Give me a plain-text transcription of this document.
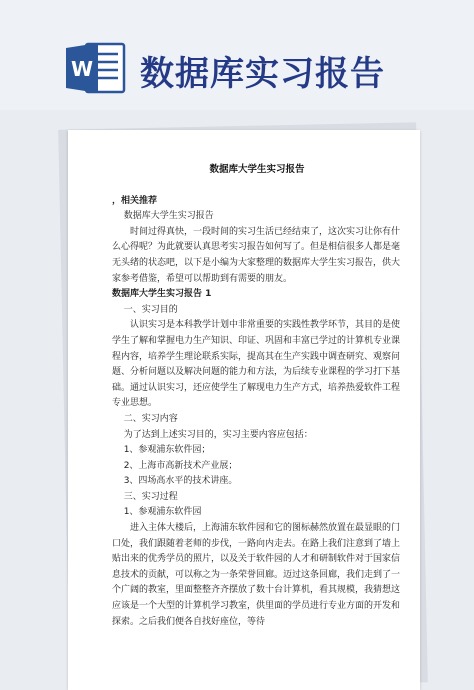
W 数据库实习报告
数据库大学生实习报告

，相关推荐

数据库大学生实习报告

时间过得真快，一段时间的实习生活已经结束了，这次实习让你有什么心得呢？为此就要认真思考实习报告如何写了。但是相信很多人都是毫无头绪的状态吧，以下是小编为大家整理的数据库大学生实习报告，供大家参考借鉴，希望可以帮助到有需要的朋友。

数据库大学生实习报告 1

一、实习目的

认识实习是本科教学计划中非常重要的实践性教学环节，其目的是使学生了解和掌握电力生产知识、印证、巩固和丰富已学过的计算机专业课程内容，培养学生理论联系实际，提高其在生产实践中调查研究、观察问题、分析问题以及解决问题的能力和方法，为后续专业课程的学习打下基础。通过认识实习，还应使学生了解现电力生产方式，培养热爱软件工程专业思想。

二、实习内容

为了达到上述实习目的，实习主要内容应包括：

1、参观浦东软件园；

2、上海市高新技术产业展；

3、四场高水平的技术讲座。

三、实习过程

1、参观浦东软件园

进入主体大楼后，上海浦东软件园和它的图标赫然放置在最显眼的门口处，我们跟随着老师的步伐，一路向内走去。在路上我们注意到了墙上贴出来的优秀学员的照片，以及关于软件园的人才和研制软件对于国家信息技术的贡献，可以称之为一条荣誉回廊。迈过这条回廊，我们走到了一个广阔的教室，里面整整齐齐摆放了数十台计算机，看其规模，我猜想这应该是一个大型的计算机学习教室，供里面的学员进行专业方面的开发和探索。之后我们便各自找好座位，等待
